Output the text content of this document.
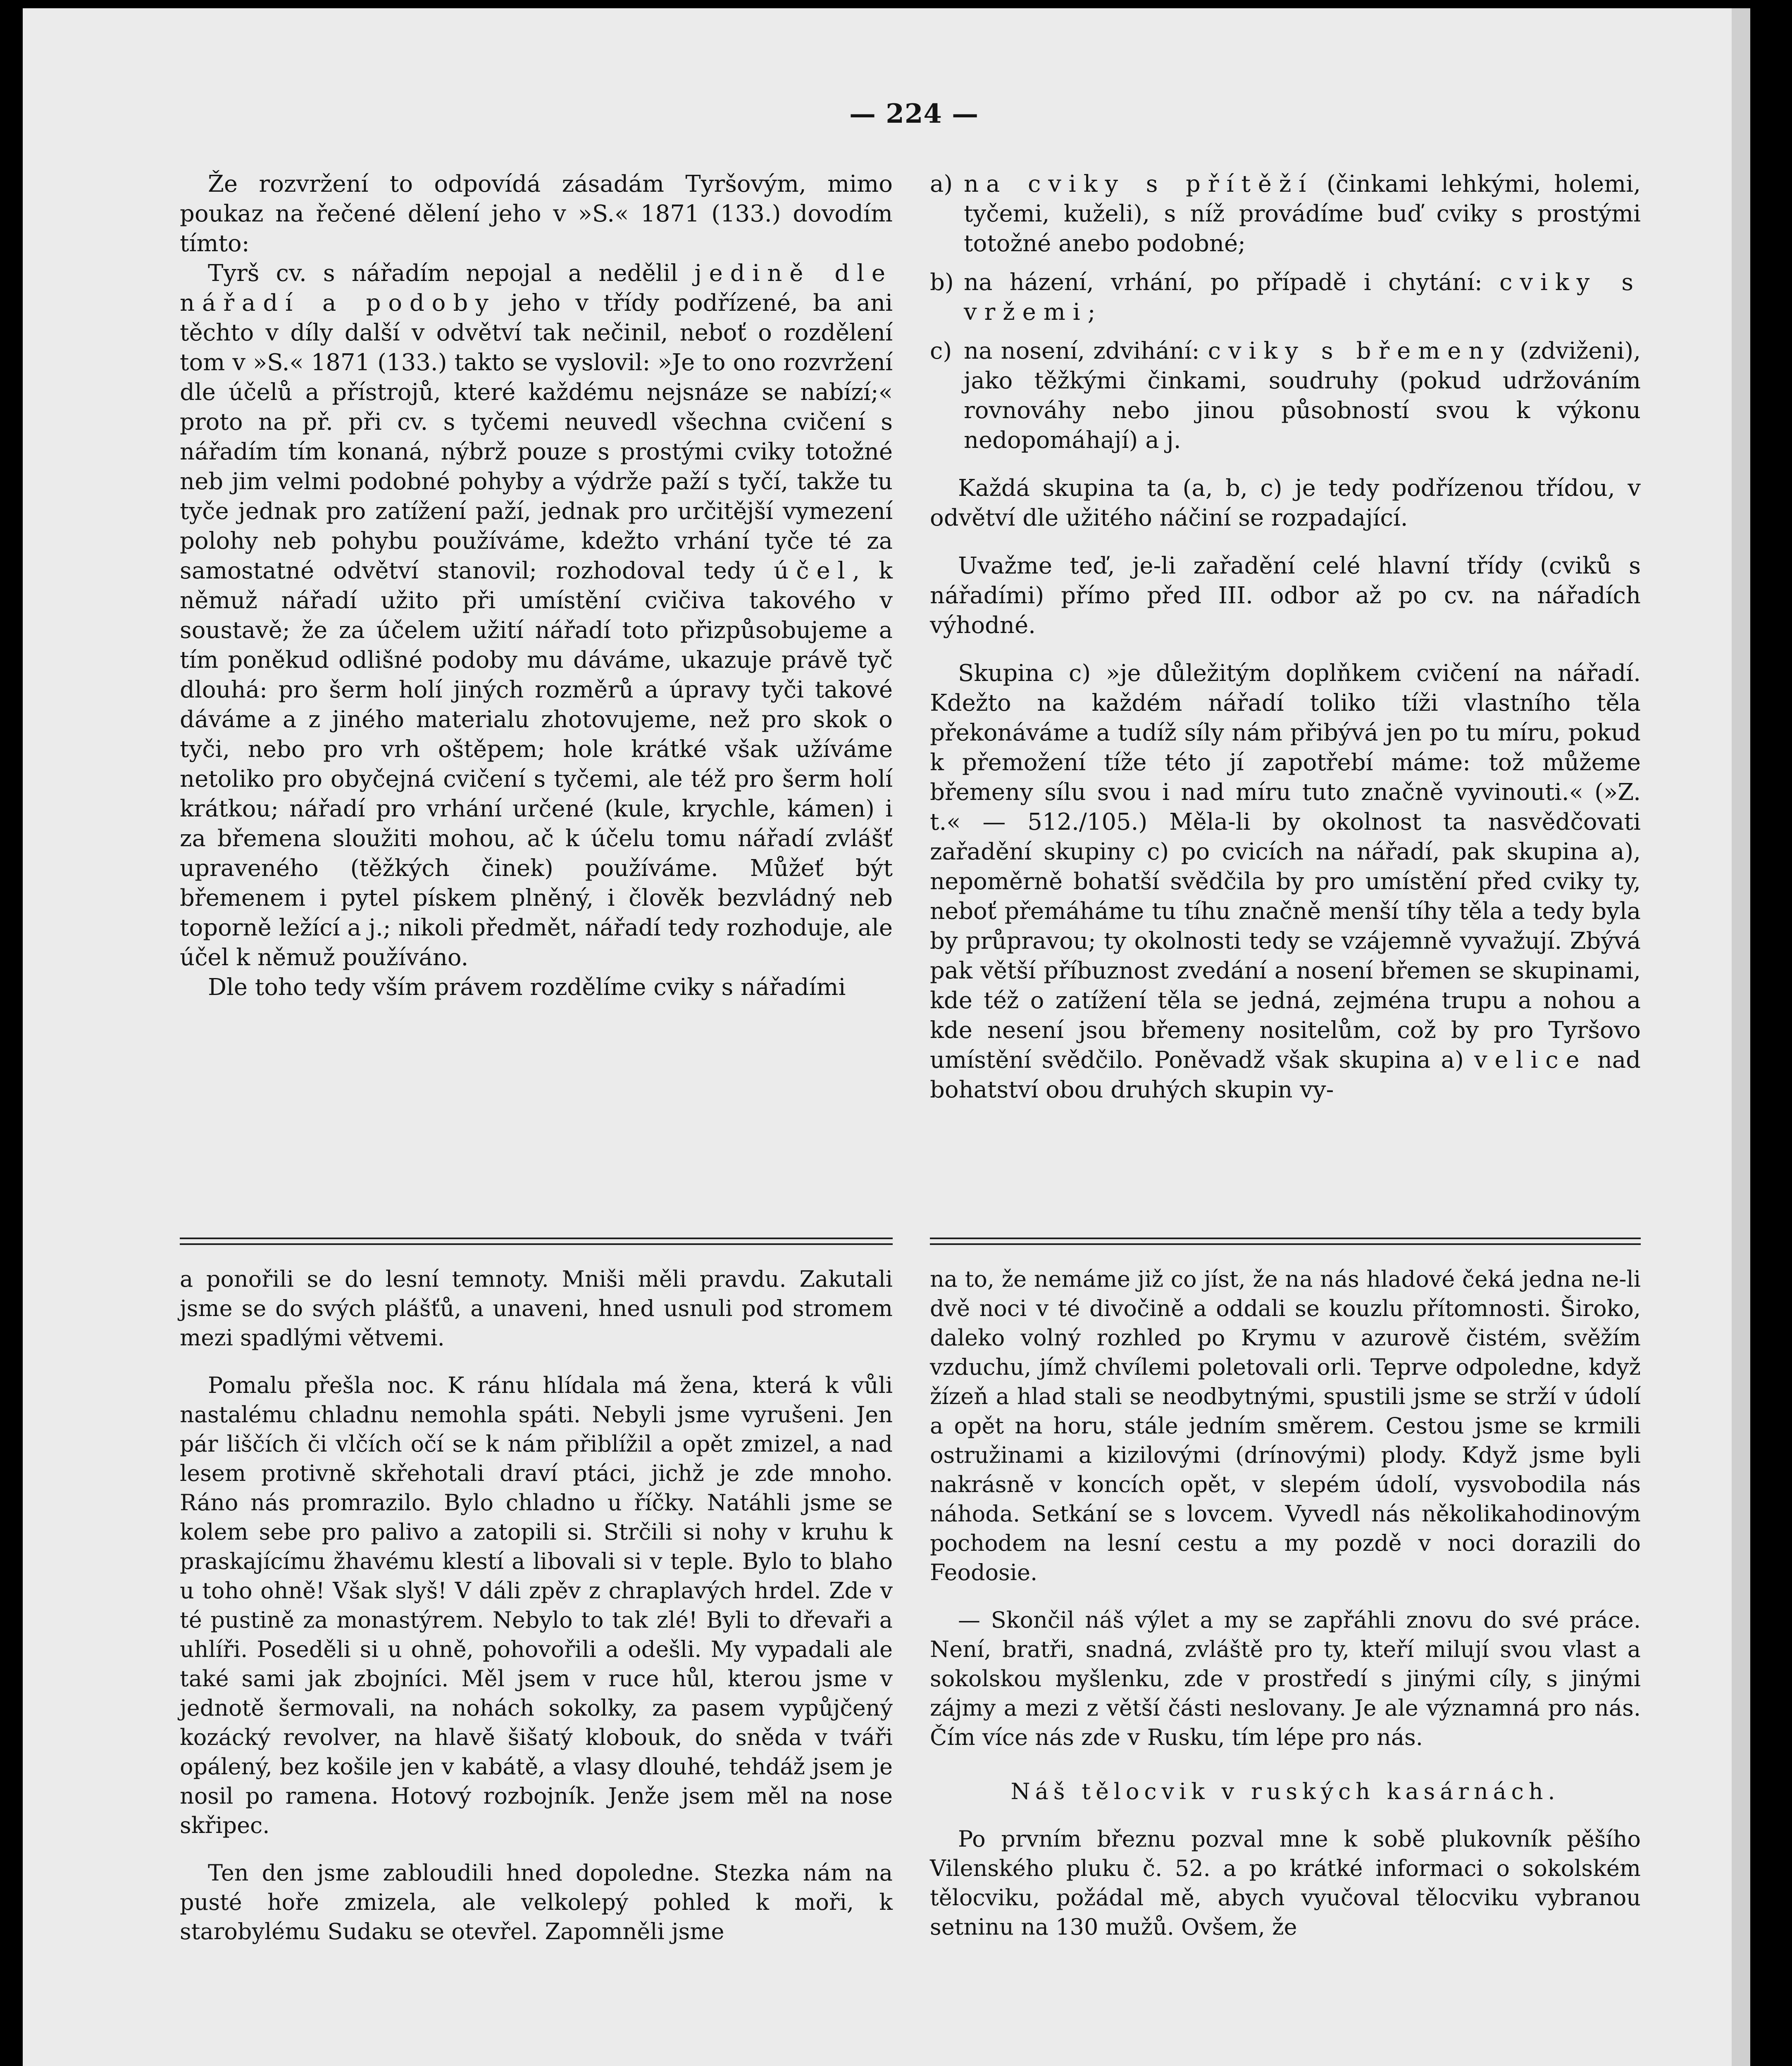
— 224 —

Že rozvržení to odpovídá zásadám Tyršovým, mimo poukaz na řečené dělení jeho v »S.« 1871 (133.) dovodím tímto:

Tyrš cv. s nářadím nepojal a nedělil jedině dle nářadí a podoby jeho v třídy podřízené, ba ani těchto v díly další v odvětví tak nečinil, neboť o rozdělení tom v »S.« 1871 (133.) takto se vyslovil: »Je to ono rozvržení dle účelů a přístrojů, které každému nejsnáze se nabízí;« proto na př. při cv. s tyčemi neuvedl všechna cvičení s nářadím tím konaná, nýbrž pouze s prostými cviky totožné neb jim velmi podobné pohyby a výdrže paží s tyčí, takže tu tyče jednak pro zatížení paží, jednak pro určitější vymezení polohy neb pohybu používáme, kdežto vrhání tyče té za samostatné odvětví stanovil; rozhodoval tedy účel, k němuž nářadí užito při umístění cvičiva takového v soustavě; že za účelem užití nářadí toto přizpůsobujeme a tím poněkud odlišné podoby mu dáváme, ukazuje právě tyč dlouhá: pro šerm holí jiných rozměrů a úpravy tyči takové dáváme a z jiného materialu zhotovujeme, než pro skok o tyči, nebo pro vrh oštěpem; hole krátké však užíváme netoliko pro obyčejná cvičení s tyčemi, ale též pro šerm holí krátkou; nářadí pro vrhání určené (kule, krychle, kámen) i za břemena sloužiti mohou, ač k účelu tomu nářadí zvlášť upraveného (těžkých činek) používáme. Můžeť být břemenem i pytel pískem plněný, i člověk bezvládný neb toporně ležící a j.; nikoli předmět, nářadí tedy rozhoduje, ale účel k němuž používáno.

Dle toho tedy vším právem rozdělíme cviky s nářadími

a) na cviky s přítěží (činkami lehkými, holemi, tyčemi, kuželi), s níž provádíme buď cviky s prostými totožné anebo podobné;
b) na házení, vrhání, po případě i chytání: cviky s vržemi;
c) na nosení, zdvihání: cviky s břemeny (zdviženi), jako těžkými činkami, soudruhy (pokud udržováním rovnováhy nebo jinou působností svou k výkonu nedopomáhají) a j.

Každá skupina ta (a, b, c) je tedy podřízenou třídou, v odvětví dle užitého náčiní se rozpadající.

Uvažme teď, je-li zařadění celé hlavní třídy (cviků s nářadími) přímo před III. odbor až po cv. na nářadích výhodné.

Skupina c) »je důležitým doplňkem cvičení na nářadí. Kdežto na každém nářadí toliko tíži vlastního těla překonáváme a tudíž síly nám přibývá jen po tu míru, pokud k přemožení tíže této jí zapotřebí máme: tož můžeme břemeny sílu svou i nad míru tuto značně vyvinouti.« (»Z. t.« — 512./105.) Měla-li by okolnost ta nasvědčovati zařadění skupiny c) po cvicích na nářadí, pak skupina a), nepoměrně bohatší svědčila by pro umístění před cviky ty, neboť přemáháme tu tíhu značně menší tíhy těla a tedy byla by průpravou; ty okolnosti tedy se vzájemně vyvažují. Zbývá pak větší příbuznost zvedání a nosení břemen se skupinami, kde též o zatížení těla se jedná, zejména trupu a nohou a kde nesení jsou břemeny nositelům, což by pro Tyršovo umístění svědčilo. Poněvadž však skupina a) velice nad bohatství obou druhých skupin vy-

a ponořili se do lesní temnoty. Mniši měli pravdu. Zakutali jsme se do svých plášťů, a unaveni, hned usnuli pod stromem mezi spadlými větvemi.

Pomalu přešla noc. K ránu hlídala má žena, která k vůli nastalému chladnu nemohla spáti. Nebyli jsme vyrušeni. Jen pár liščích či vlčích očí se k nám přiblížil a opět zmizel, a nad lesem protivně skřehotali draví ptáci, jichž je zde mnoho. Ráno nás promrazilo. Bylo chladno u říčky. Natáhli jsme se kolem sebe pro palivo a zatopili si. Strčili si nohy v kruhu k praskajícímu žhavému klestí a libovali si v teple. Bylo to blaho u toho ohně! Však slyš! V dáli zpěv z chraplavých hrdel. Zde v té pustině za monastýrem. Nebylo to tak zlé! Byli to dřevaři a uhlíři. Poseděli si u ohně, pohovořili a odešli. My vypadali ale také sami jak zbojníci. Měl jsem v ruce hůl, kterou jsme v jednotě šermovali, na nohách sokolky, za pasem vypůjčený kozácký revolver, na hlavě šišatý klobouk, do snědа v tváři opálený, bez košile jen v kabátě, a vlasy dlouhé, tehdáž jsem je nosil po ramena. Hotový rozbojník. Jenže jsem měl na nose skřipec.

Ten den jsme zabloudili hned dopoledne. Stezka nám na pusté hoře zmizela, ale velkolepý pohled k moři, k starobylému Sudaku se otevřel. Zapomněli jsme

na to, že nemáme již co jíst, že na nás hladové čeká jedna ne-li dvě noci v té divočině a oddali se kouzlu přítomnosti. Široko, daleko volný rozhled po Krymu v azurově čistém, svěžím vzduchu, jímž chvílemi poletovali orli. Teprve odpoledne, když žízeň a hlad stali se neodbytnými, spustili jsme se strží v údolí a opět na horu, stále jedním směrem. Cestou jsme se krmili ostružinami a kizilovými (drínovými) plody. Když jsme byli nakrásně v koncích opět, v slepém údolí, vysvobodila nás náhoda. Setkání se s lovcem. Vyvedl nás několikahodinovým pochodem na lesní cestu a my pozdě v noci dorazili do Feodosie.

— Skončil náš výlet a my se zapřáhli znovu do své práce. Není, bratři, snadná, zvláště pro ty, kteří milují svou vlast a sokolskou myšlenku, zde v prostředí s jinými cíly, s jinými zájmy a mezi z větší části neslovany. Je ale významná pro nás. Čím více nás zde v Rusku, tím lépe pro nás.

Náš tělocvik v ruských kasárnách.

Po prvním březnu pozval mne k sobě plukovník pěšího Vilenského pluku č. 52. a po krátké informaci o sokolském tělocviku, požádal mě, abych vyučoval tělocviku vybranou setninu na 130 mužů. Ovšem, že
